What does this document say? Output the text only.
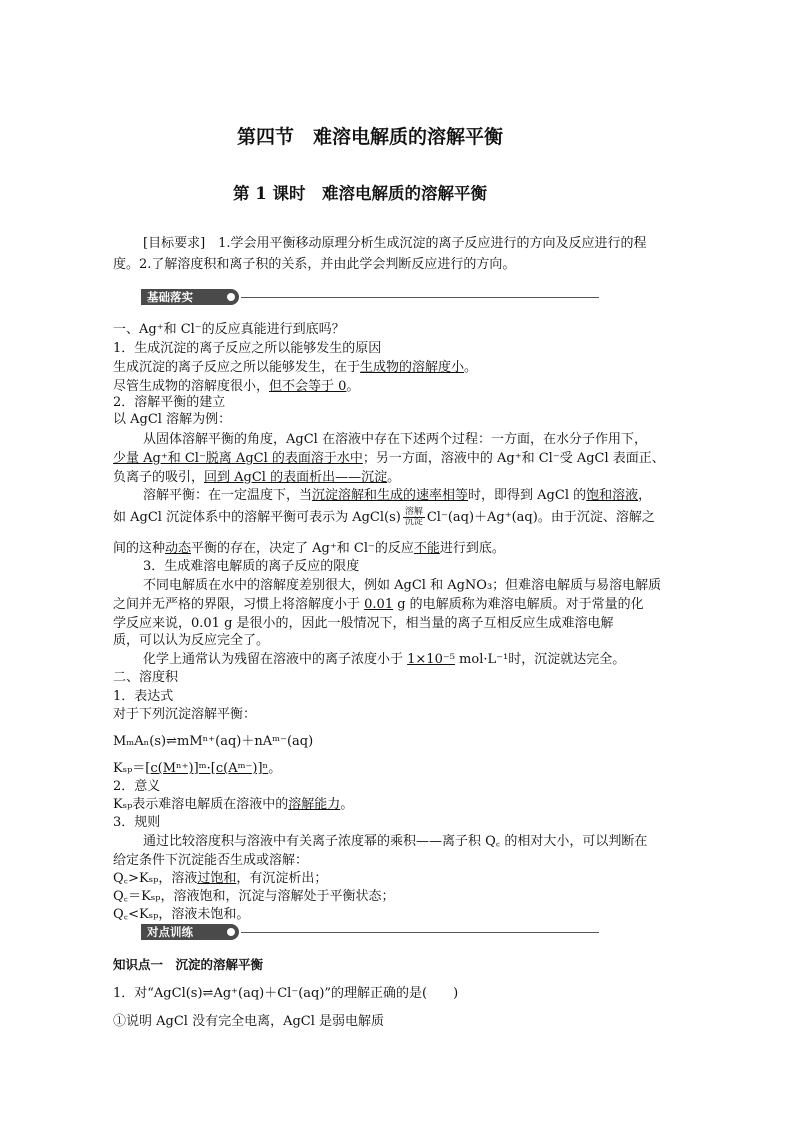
第四节　难溶电解质的溶解平衡
第 1 课时　难溶电解质的溶解平衡
[目标要求]　1.学会用平衡移动原理分析生成沉淀的离子反应进行的方向及反应进行的程
度。2.了解溶度积和离子积的关系，并由此学会判断反应进行的方向。
基础落实
一、Ag⁺和 Cl⁻的反应真能进行到底吗？
1．生成沉淀的离子反应之所以能够发生的原因
生成沉淀的离子反应之所以能够发生，在于生成物的溶解度小。
尽管生成物的溶解度很小，但不会等于 0。
2．溶解平衡的建立
以 AgCl 溶解为例：
从固体溶解平衡的角度，AgCl 在溶液中存在下述两个过程：一方面，在水分子作用下，
少量 Ag⁺和 Cl⁻脱离 AgCl 的表面溶于水中；另一方面，溶液中的 Ag⁺和 Cl⁻受 AgCl 表面正、
负离子的吸引，回到 AgCl 的表面析出——沉淀。
溶解平衡：在一定温度下，当沉淀溶解和生成的速率相等时，即得到 AgCl 的饱和溶液，
如 AgCl 沉淀体系中的溶解平衡可表示为 AgCl(s) $\frac{\text{溶解}}{\text{沉淀}} Cl^-(aq)+Ag^+(aq)$。由于沉淀、溶解之
间的这种动态平衡的存在，决定了 Ag⁺和 Cl⁻的反应不能进行到底。
3．生成难溶电解质的离子反应的限度
不同电解质在水中的溶解度差别很大，例如 AgCl 和 AgNO₃；但难溶电解质与易溶电解质
之间并无严格的界限，习惯上将溶解度小于 0.01 g 的电解质称为难溶电解质。对于常量的化
学反应来说，0.01 g 是很小的，因此一般情况下，相当量的离子互相反应生成难溶电解
质，可以认为反应完全了。
化学上通常认为残留在溶液中的离子浓度小于 1×10⁻⁵ mol·L⁻¹时，沉淀就达完全。
二、溶度积
1．表达式
对于下列沉淀溶解平衡：
MₘAₙ(s)⇌mMⁿ⁺(aq)＋nAᵐ⁻(aq)
Kₛₚ＝[c(Mⁿ⁺)]ᵐ·[c(Aᵐ⁻)]ⁿ。
2．意义
Kₛₚ表示难溶电解质在溶液中的溶解能力。
3．规则
通过比较溶度积与溶液中有关离子浓度幂的乘积——离子积 Q꜀ 的相对大小，可以判断在
给定条件下沉淀能否生成或溶解：
Q꜀>Kₛₚ，溶液过饱和，有沉淀析出；
Q꜀＝Kₛₚ，溶液饱和，沉淀与溶解处于平衡状态；
Q꜀<Kₛₚ，溶液未饱和。
对点训练
知识点一　沉淀的溶解平衡
1．对“AgCl(s)⇌Ag⁺(aq)＋Cl⁻(aq)”的理解正确的是(　　)
①说明 AgCl 没有完全电离，AgCl 是弱电解质
